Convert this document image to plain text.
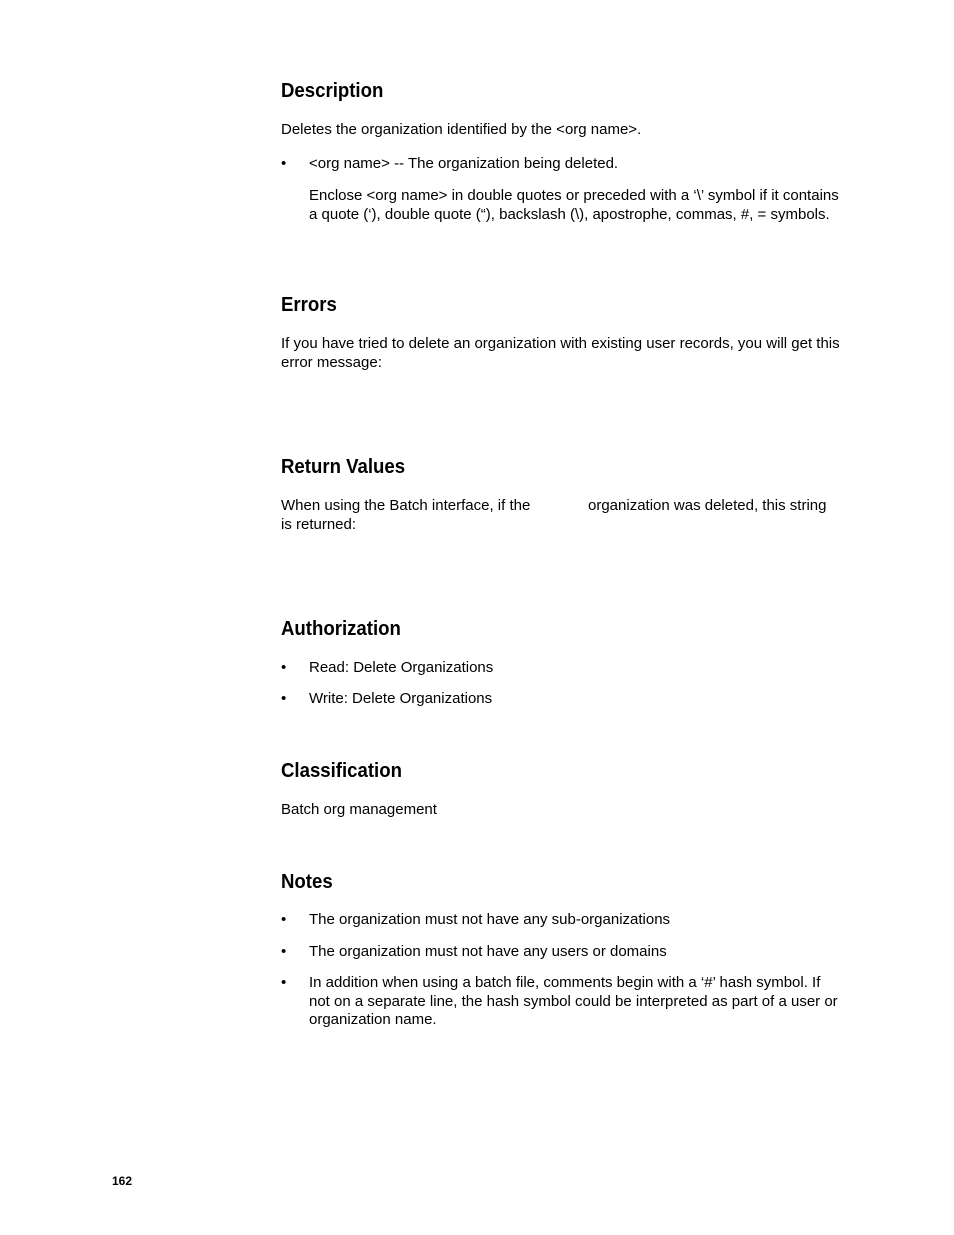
Description

Deletes the organization identified by the <org name>.

• <org name> -- The organization being deleted.

Enclose <org name> in double quotes or preceded with a ‘\’ symbol if it contains a quote (‘), double quote (“), backslash (\), apostrophe, commas, #, = symbols.

Errors

If you have tried to delete an organization with existing user records, you will get this error message:

Return Values
When using the Batch interface, if the	organization was deleted, this string
is returned:
Authorization
• Read: Delete Organizations
• Write: Delete Organizations
Classification

Batch org management

Notes
• The organization must not have any sub-organizations
• The organization must not have any users or domains
• In addition when using a batch file, comments begin with a ‘#’ hash symbol. If not on a separate line, the hash symbol could be interpreted as part of a user or organization name.
162
